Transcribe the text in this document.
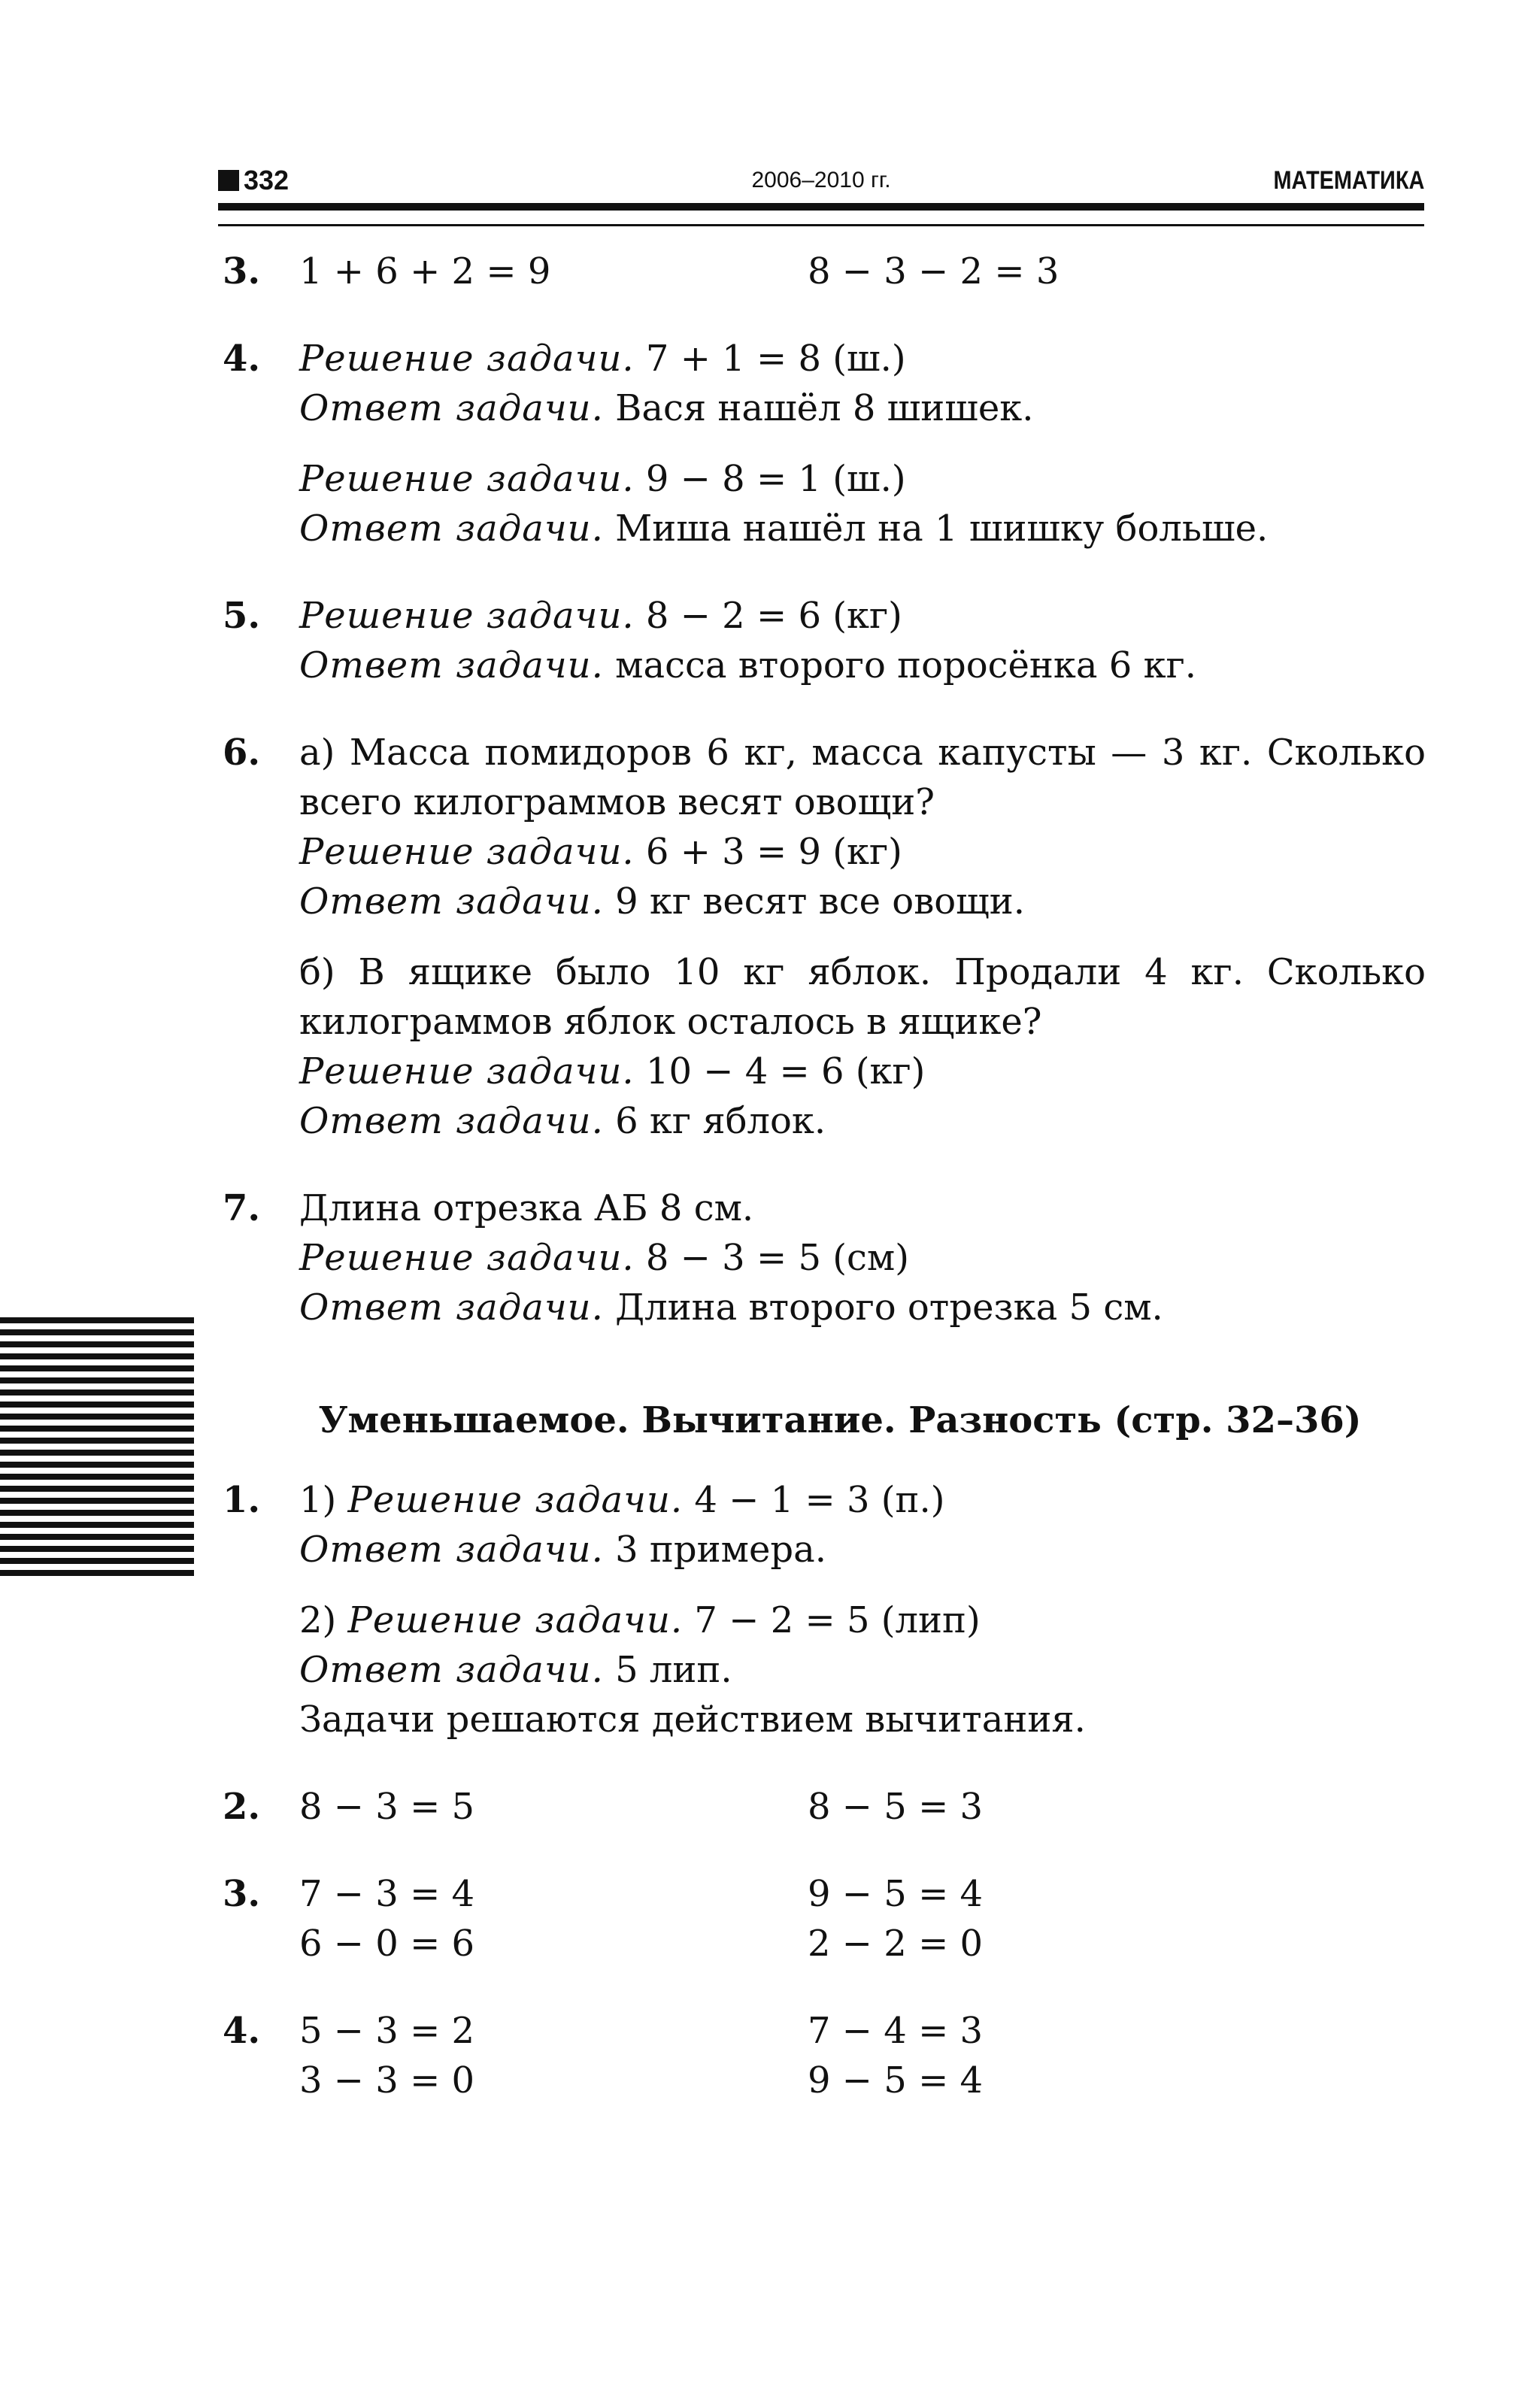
332	2006–2010 гг.	МАТЕМАТИКА
3. 1 + 6 + 2 = 9	8 − 3 − 2 = 3
4. Решение задачи. 7 + 1 = 8 (ш.)
Ответ задачи. Вася нашёл 8 шишек.
Решение задачи. 9 − 8 = 1 (ш.)
Ответ задачи. Миша нашёл на 1 шишку больше.
5. Решение задачи. 8 − 2 = 6 (кг)
Ответ задачи. масса второго поросёнка 6 кг.
6. а) Масса помидоров 6 кг, масса капусты — 3 кг. Сколько всего килограммов весят овощи?
Решение задачи. 6 + 3 = 9 (кг)
Ответ задачи. 9 кг весят все овощи.
б) В ящике было 10 кг яблок. Продали 4 кг. Сколько килограммов яблок осталось в ящике?
Решение задачи. 10 − 4 = 6 (кг)
Ответ задачи. 6 кг яблок.
7. Длина отрезка АБ 8 см.
Решение задачи. 8 − 3 = 5 (см)
Ответ задачи. Длина второго отрезка 5 см.
Уменьшаемое. Вычитание. Разность (стр. 32–36)
1. 1) Решение задачи. 4 − 1 = 3 (п.)
Ответ задачи. 3 примера.
2) Решение задачи. 7 − 2 = 5 (лип)
Ответ задачи. 5 лип.
Задачи решаются действием вычитания.
2. 8 − 3 = 5	8 − 5 = 3
3. 7 − 3 = 4	9 − 5 = 4
6 − 0 = 6	2 − 2 = 0
4. 5 − 3 = 2	7 − 4 = 3
3 − 3 = 0	9 − 5 = 4
